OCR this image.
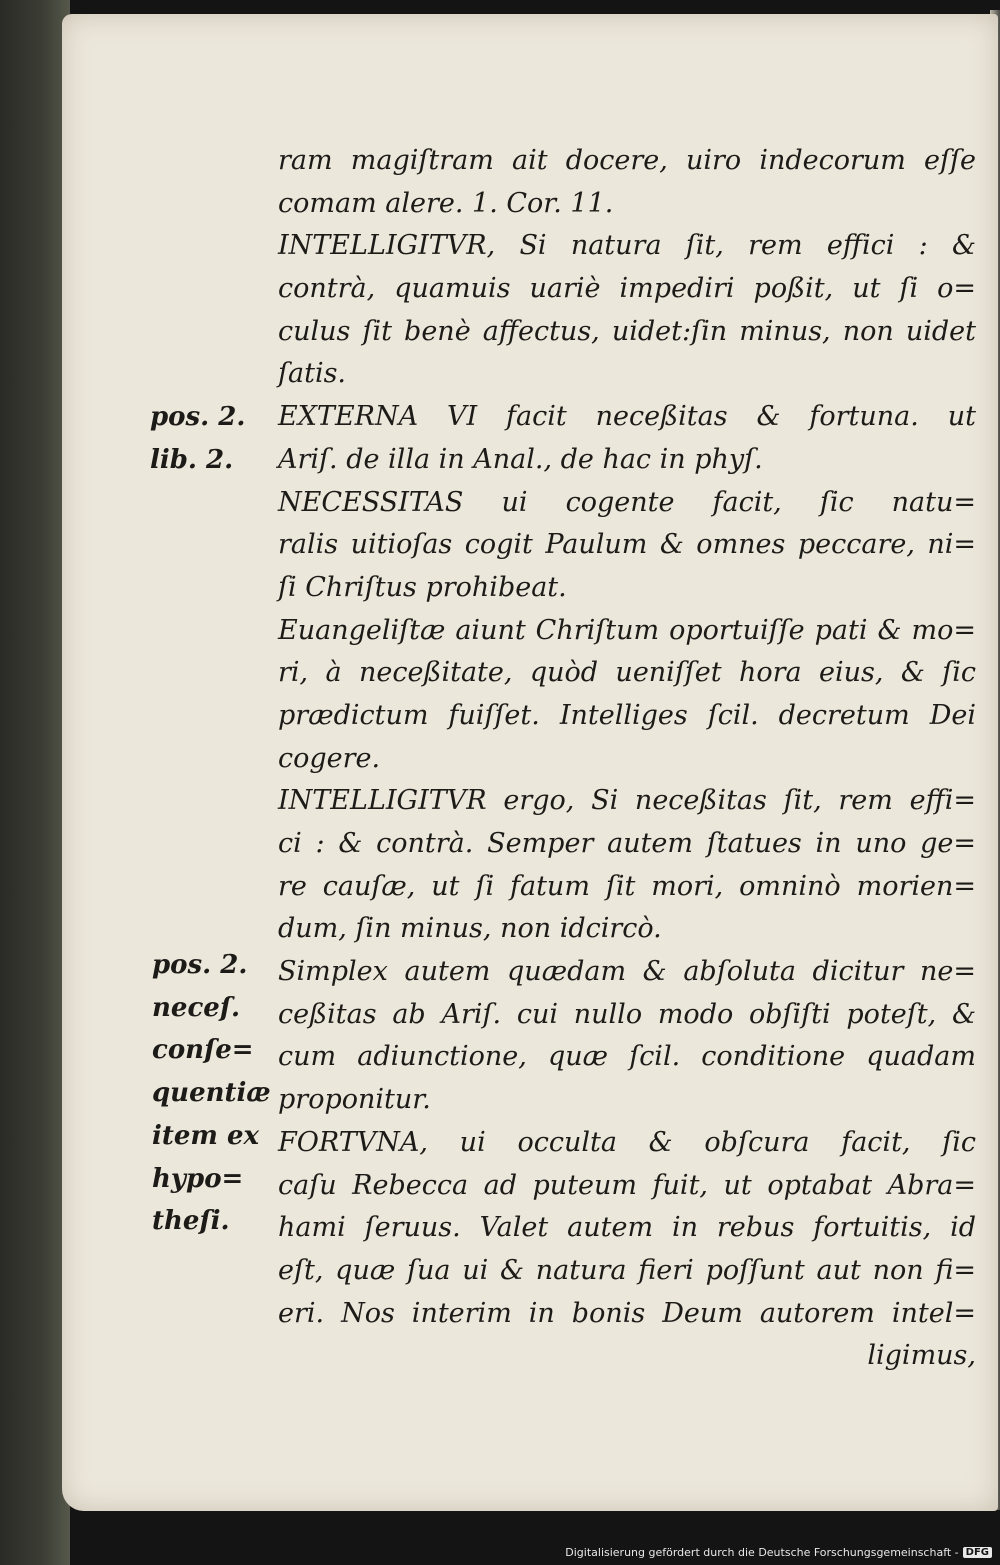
pos. 2.
lib. 2.
pos. 2.
neceſ.
conſe=
quentiæ
item ex
hypo=
theſi.
ram magiſtram ait docere, uiro indecorum eſſe
comam alere. 1. Cor. 11.
INTELLIGITVR, Si natura ſit, rem effici : &
contrà, quamuis uariè impediri poßit, ut ſi o=
culus ſit benè affectus, uidet:ſin minus, non uidet
ſatis.
EXTERNA VI facit neceßitas & fortuna. ut
Ariſ. de illa in Anal., de hac in phyſ.
NECESSITAS ui cogente facit, ſic natu=
ralis uitioſas cogit Paulum & omnes peccare, ni=
ſi Chriſtus prohibeat.
Euangeliſtæ aiunt Chriſtum oportuiſſe pati & mo=
ri, à neceßitate, quòd ueniſſet hora eius, & ſic
prædictum fuiſſet. Intelliges ſcil. decretum Dei
cogere.
INTELLIGITVR ergo, Si neceßitas ſit, rem effi=
ci : & contrà. Semper autem ſtatues in uno ge=
re cauſæ, ut ſi fatum ſit mori, omninò morien=
dum, ſin minus, non idcircò.
Simplex autem quædam & abſoluta dicitur ne=
ceßitas ab Ariſ. cui nullo modo obſiſti poteſt, &
cum adiunctione, quæ ſcil. conditione quadam
proponitur.
FORTVNA, ui occulta & obſcura facit, ſic
caſu Rebecca ad puteum fuit, ut optabat Abra=
hami ſeruus. Valet autem in rebus fortuitis, id
eſt, quæ ſua ui & natura fieri poſſunt aut non fi=
eri. Nos interim in bonis Deum autorem intel=
ligimus,
Digitalisierung gefördert durch die Deutsche Forschungsgemeinschaft - DFG
